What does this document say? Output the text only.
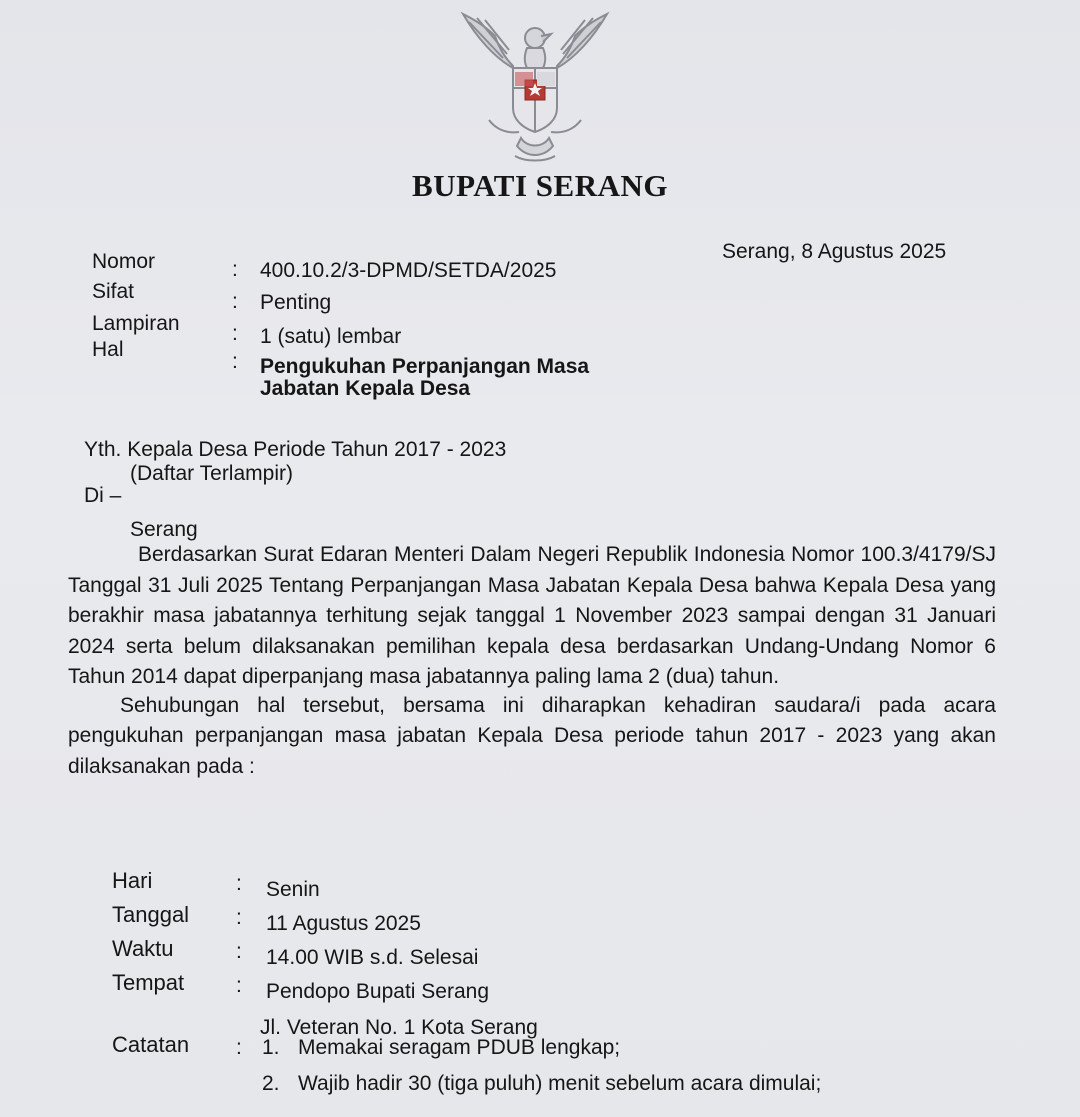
BUPATI SERANG
Serang, 8 Agustus 2025
Nomor	: 400.10.2/3-DPMD/SETDA/2025
Sifat	: Penting
Lampiran	: 1 (satu) lembar
Hal
: Pengukuhan Perpanjangan Masa Jabatan Kepala Desa
Yth. Kepala Desa Periode Tahun 2017 - 2023
(Daftar Terlampir)
Di –
Serang

Berdasarkan Surat Edaran Menteri Dalam Negeri Republik Indonesia Nomor 100.3/4179/SJ Tanggal 31 Juli 2025 Tentang Perpanjangan Masa Jabatan Kepala Desa bahwa Kepala Desa yang berakhir masa jabatannya terhitung sejak tanggal 1 November 2023 sampai dengan 31 Januari 2024 serta belum dilaksanakan pemilihan kepala desa berdasarkan Undang-Undang Nomor 6 Tahun 2014 dapat diperpanjang masa jabatannya paling lama 2 (dua) tahun.

Sehubungan hal tersebut, bersama ini diharapkan kehadiran saudara/i pada acara pengukuhan perpanjangan masa jabatan Kepala Desa periode tahun 2017 - 2023 yang akan dilaksanakan pada :

Hari	: Senin
Tanggal	: 11 Agustus 2025
Waktu	: 14.00 WIB s.d. Selesai
Tempat	: Pendopo Bupati Serang
Jl. Veteran No. 1 Kota Serang
Catatan : 1. Memakai seragam PDUB lengkap;
2. Wajib hadir 30 (tiga puluh) menit sebelum acara dimulai;
